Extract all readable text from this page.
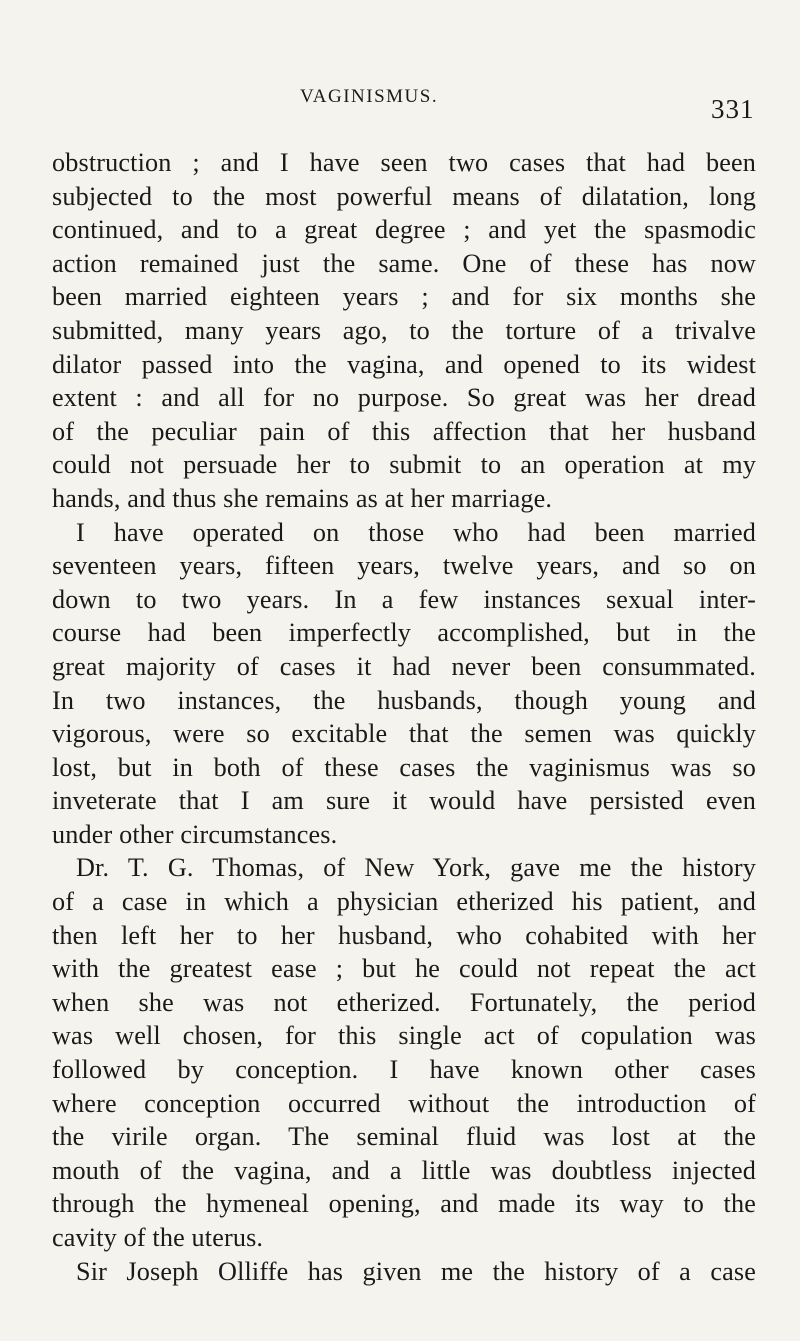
VAGINISMUS.	331
obstruction ; and I have seen two cases that had been
subjected to the most powerful means of dilatation, long
continued, and to a great degree ; and yet the spasmodic
action remained just the same. One of these has now
been married eighteen years ; and for six months she
submitted, many years ago, to the torture of a trivalve
dilator passed into the vagina, and opened to its widest
extent : and all for no purpose. So great was her dread
of the peculiar pain of this affection that her husband
could not persuade her to submit to an operation at my
hands, and thus she remains as at her marriage.
I have operated on those who had been married
seventeen years, fifteen years, twelve years, and so on
down to two years. In a few instances sexual inter-
course had been imperfectly accomplished, but in the
great majority of cases it had never been consummated.
In two instances, the husbands, though young and
vigorous, were so excitable that the semen was quickly
lost, but in both of these cases the vaginismus was so
inveterate that I am sure it would have persisted even
under other circumstances.
Dr. T. G. Thomas, of New York, gave me the history
of a case in which a physician etherized his patient, and
then left her to her husband, who cohabited with her
with the greatest ease ; but he could not repeat the act
when she was not etherized. Fortunately, the period
was well chosen, for this single act of copulation was
followed by conception. I have known other cases
where conception occurred without the introduction of
the virile organ. The seminal fluid was lost at the
mouth of the vagina, and a little was doubtless injected
through the hymeneal opening, and made its way to the
cavity of the uterus.
Sir Joseph Olliffe has given me the history of a case
